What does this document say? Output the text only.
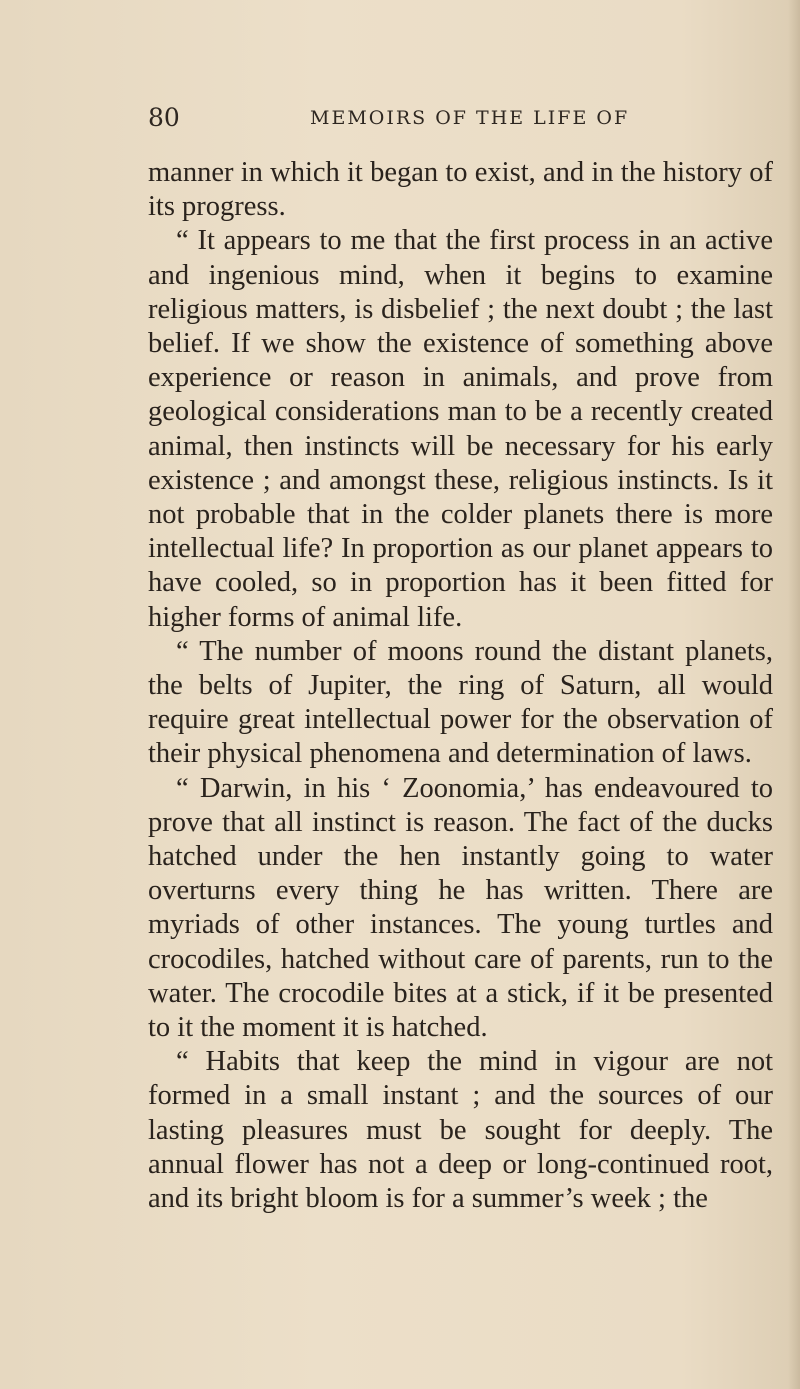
80	MEMOIRS OF THE LIFE OF

manner in which it began to exist, and in the history of its progress.

“ It appears to me that the first process in an active and ingenious mind, when it begins to examine religious matters, is disbelief ; the next doubt ; the last belief. If we show the existence of something above experience or reason in animals, and prove from geological considerations man to be a recently created animal, then instincts will be necessary for his early existence ; and amongst these, religious instincts. Is it not probable that in the colder planets there is more intellectual life? In proportion as our planet appears to have cooled, so in proportion has it been fitted for higher forms of animal life.

“ The number of moons round the distant planets, the belts of Jupiter, the ring of Saturn, all would require great intellectual power for the observation of their physical phenomena and determination of laws.

“ Darwin, in his ‘ Zoonomia,’ has endeavoured to prove that all instinct is reason. The fact of the ducks hatched under the hen instantly going to water overturns every thing he has written. There are myriads of other instances. The young turtles and crocodiles, hatched without care of parents, run to the water. The crocodile bites at a stick, if it be presented to it the moment it is hatched.

“ Habits that keep the mind in vigour are not formed in a small instant ; and the sources of our lasting pleasures must be sought for deeply. The annual flower has not a deep or long-continued root, and its bright bloom is for a summer’s week ; the
